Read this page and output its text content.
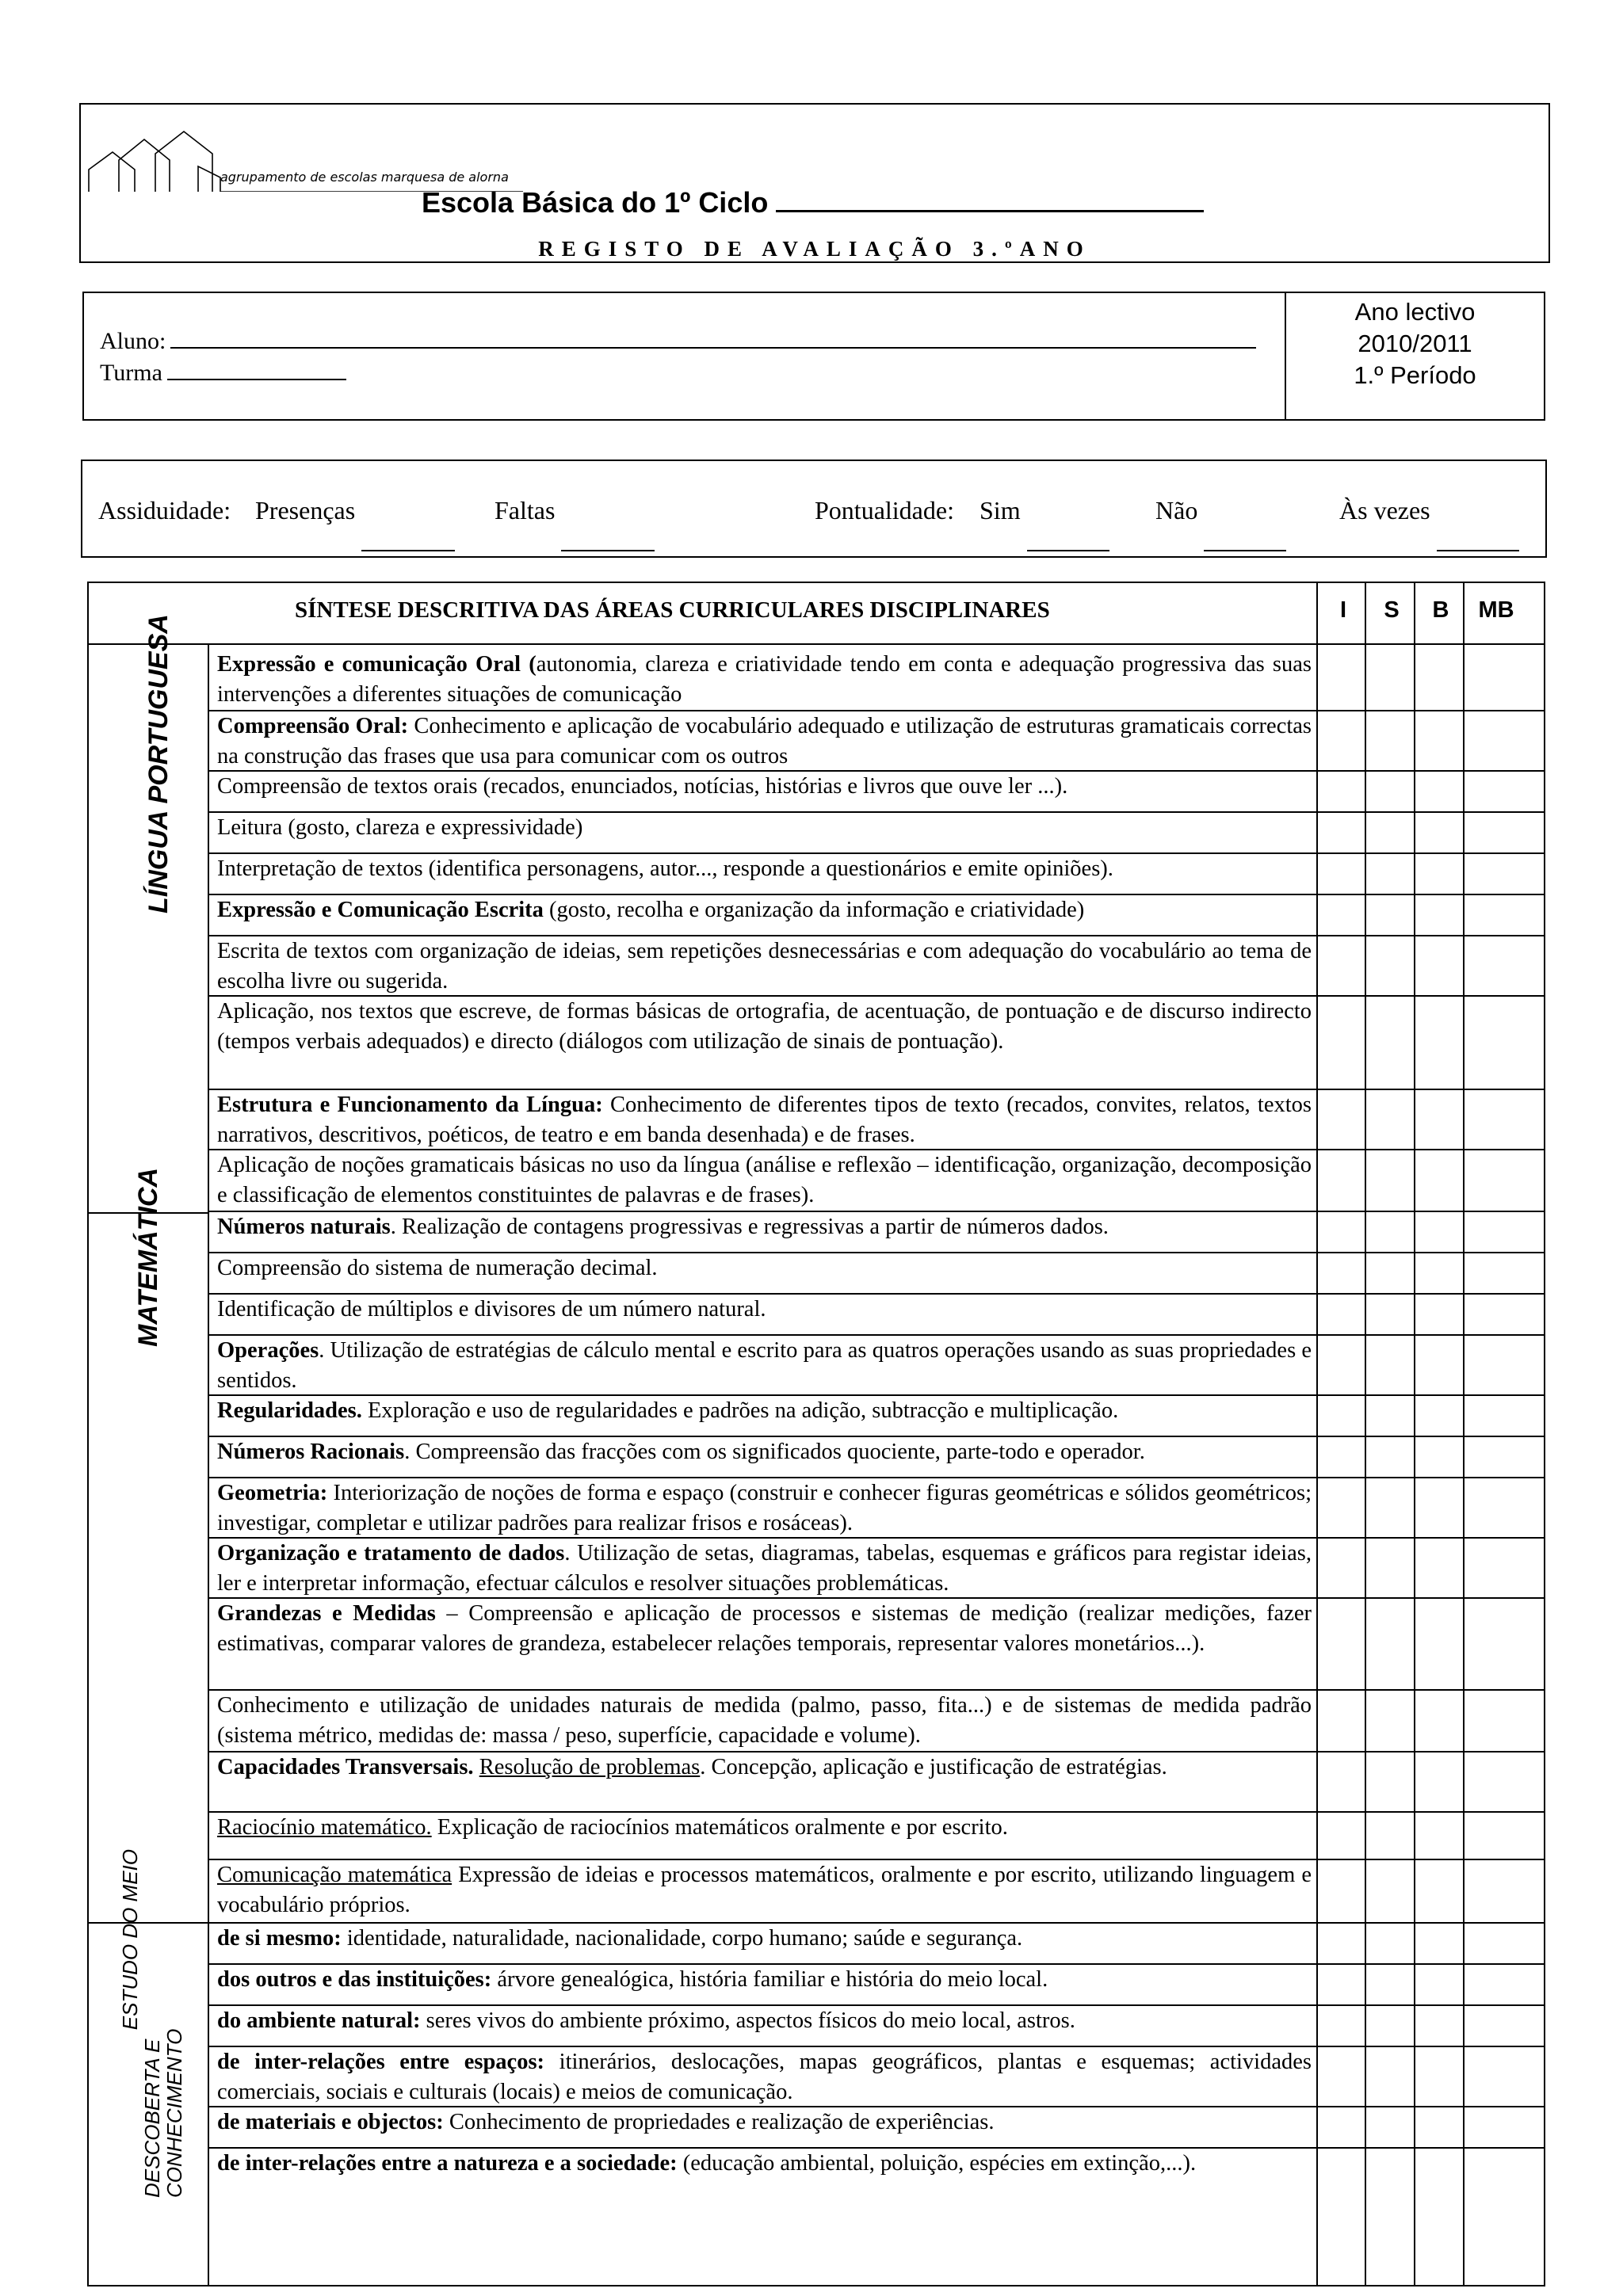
agrupamento de escolas marquesa de alorna
Escola Básica do 1º Ciclo
REGISTO DE AVALIAÇÃO 3.ºANO
Aluno:
Turma
Ano lectivo
2010/2011
1.º Período
Assiduidade: Presenças	Faltas	Pontualidade: Sim	Não	Às vezes
SÍNTESE DESCRITIVA DAS ÁREAS CURRICULARES DISCIPLINARES	I	S	B	MB
LÍNGUA PORTUGUESA
MATEMÁTICA
ESTUDO DO MEIO
DESCOBERTA E
CONHECIMENTO
Expressão e comunicação Oral (autonomia, clareza e criatividade tendo em conta e adequação progressiva das suas intervenções a diferentes situações de comunicação
Compreensão Oral: Conhecimento e aplicação de vocabulário adequado e utilização de estruturas gramaticais correctas na construção das frases que usa para comunicar com os outros
Compreensão de textos orais (recados, enunciados, notícias, histórias e livros que ouve ler ...).
Leitura (gosto, clareza e expressividade)
Interpretação de textos (identifica personagens, autor..., responde a questionários e emite opiniões).
Expressão e Comunicação Escrita (gosto, recolha e organização da informação e criatividade)
Escrita de textos com organização de ideias, sem repetições desnecessárias e com adequação do vocabulário ao tema de escolha livre ou sugerida.
Aplicação, nos textos que escreve, de formas básicas de ortografia, de acentuação, de pontuação e de discurso indirecto (tempos verbais adequados) e directo (diálogos com utilização de sinais de pontuação).
Estrutura e Funcionamento da Língua: Conhecimento de diferentes tipos de texto (recados, convites, relatos, textos narrativos, descritivos, poéticos, de teatro e em banda desenhada) e de frases.
Aplicação de noções gramaticais básicas no uso da língua (análise e reflexão – identificação, organização, decomposição e classificação de elementos constituintes de palavras e de frases).
Números naturais. Realização de contagens progressivas e regressivas a partir de números dados.
Compreensão do sistema de numeração decimal.
Identificação de múltiplos e divisores de um número natural.
Operações. Utilização de estratégias de cálculo mental e escrito para as quatros operações usando as suas propriedades e sentidos.
Regularidades. Exploração e uso de regularidades e padrões na adição, subtracção e multiplicação.
Números Racionais. Compreensão das fracções com os significados quociente, parte-todo e operador.
Geometria: Interiorização de noções de forma e espaço (construir e conhecer figuras geométricas e sólidos geométricos; investigar, completar e utilizar padrões para realizar frisos e rosáceas).
Organização e tratamento de dados. Utilização de setas, diagramas, tabelas, esquemas e gráficos para registar ideias, ler e interpretar informação, efectuar cálculos e resolver situações problemáticas.
Grandezas e Medidas – Compreensão e aplicação de processos e sistemas de medição (realizar medições, fazer estimativas, comparar valores de grandeza, estabelecer relações temporais, representar valores monetários...).
Conhecimento e utilização de unidades naturais de medida (palmo, passo, fita...) e de sistemas de medida padrão (sistema métrico, medidas de: massa / peso, superfície, capacidade e volume).
Capacidades Transversais. Resolução de problemas. Concepção, aplicação e justificação de estratégias.
Raciocínio matemático. Explicação de raciocínios matemáticos oralmente e por escrito.
Comunicação matemática Expressão de ideias e processos matemáticos, oralmente e por escrito, utilizando linguagem e vocabulário próprios.
de si mesmo: identidade, naturalidade, nacionalidade, corpo humano; saúde e segurança.
dos outros e das instituições: árvore genealógica, história familiar e história do meio local.
do ambiente natural: seres vivos do ambiente próximo, aspectos físicos do meio local, astros.
de inter-relações entre espaços: itinerários, deslocações, mapas geográficos, plantas e esquemas; actividades comerciais, sociais e culturais (locais) e meios de comunicação.
de materiais e objectos: Conhecimento de propriedades e realização de experiências.
de inter-relações entre a natureza e a sociedade: (educação ambiental, poluição, espécies em extinção,...).
